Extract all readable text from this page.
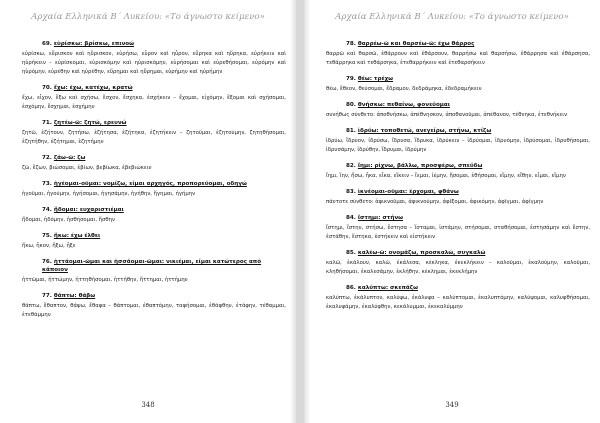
Αρχαία Ελληνικά Β΄ Λυκείου: «Το άγνωστο κείμενο»
69. εὑρίσκω: βρίσκω, επινοώ
εὑρίσκω, εὕρισκον καὶ ηὕρισκον, εὑρήσω, εὗρον καὶ ηὗρον, εὕρηκα καὶ ηὕρηκα, εὑρήκειν καὶ ηὑρήκειν – εὑρίσκομαι, εὑρισκόμην καὶ ηὑρισκόμην, εὑρήσομαι καὶ εὑρεθήσομαι, εὑρόμην καὶ ηὑρόμην, εὑρέθην καὶ ηὑρέθην, εὕρημαι καὶ ηὕρημαι, εὑρήμην καὶ ηὑρήμην
70. ἔχω: έχω, κατέχω, κρατώ
ἔχω, εἶχον, ἕξω καὶ σχήσω, ἔσχον, ἔσχηκα, ἐσχήκειν – ἔχομαι, εἰχόμην, ἕξομαι καὶ σχήσομαι, ἐσχόμην, ἔσχημαι, ἐσχήμην
71. ζητέω-ῶ: ζητώ, ερευνώ
ζητῶ, ἐζήτουν, ζητήσω, ἐζήτησα, ἐζήτηκα, ἐζητήκειν – ζητοῦμαι, ἐζητούμην, ζητηθήσομαι, ἐζητήθην, ἐζήτημαι, ἐζητήμην
72. ζάω-ῶ: ζω
ζῶ, ἔζων, βιώσομαι, ἐβίων, βεβίωκα, ἐβεβιώκειν
73. ἡγέομαι-οῦμαι: νομίζω, είμαι αρχηγός, προπορεύομαι, οδηγώ
ἡγοῦμαι, ἡγούμην, ἡγήσομαι, ἡγησάμην, ἡγήθην, ἥγημαι, ἡγήμην
74. ἥδομαι: ευχαριστιέμαι
ἥδομαι, ἡδόμην, ἡσθήσομαι, ἥσθην
75. ἥκω: έχω έλθει
ἥκω, ἧκον, ἥξω, ἧξε
76. ἡττάομαι-ῶμαι και ἡσσάομαι-ῶμαι: νικιέμαι, είμαι κατώτερος από κάποιον
ἡττῶμαι, ἡττώμην, ἡττηθήσομαι, ἡττήθην, ἥττημαι, ἡττήμην
77. θάπτω: θάβω
θάπτω, ἔθαπτον, θάψω, ἔθαψα – θάπτομαι, ἐθαπτόμην, ταφήσομαι, ἐθάφθην, ἐτάφην, τέθαμμαι, ἐτεθάμμην
348
Αρχαία Ελληνικά Β΄ Λυκείου: «Το άγνωστο κείμενο»
78. θαρρέω-ῶ και θαρσέω-ῶ: έχω θάρρος
θαρρῶ καὶ θαρσῶ, ἐθάρρουν καὶ ἐθάρσουν, θαρρήσω καὶ θαρσήσω, ἐθάρρησα καὶ ἐθάρσησα, τεθάρρηκα καὶ τεθάρσηκα, ἐτεθαρρήκειν καὶ ἐτεθαρσήκειν
79. θέω: τρέχω
θέω, ἔθεον, θεύσομαι, ἔδραμον, δεδράμηκα, ἐδεδραμήκειν
80. θνήσκω: πεθαίνω, φονεύομαι
συνήθως σύνθετο: ἀποθνήσκω, ἀπέθνησκον, ἀποθανοῦμαι, ἀπέθανον, τέθνηκα, ἐτεθνήκειν
81. ἱδρύω: τοποθετώ, ανεγείρω, στήνω, κτίζω
ἱδρύω, ἵδρυον, ἱδρύσω, ἵδρυσα, ἵδρυκα, ἱδρύκειν – ἱδρύομαι, ἱδρυόμην, ἱδρύσομαι, ἱδρυθήσομαι, ἱδρυσάμην, ἱδρύθην, ἵδρυμαι, ἱδρύμην
82. ἵημι: ρίχνω, βάλλω, προσφέρω, σπεύδω
ἵημι, ἵην, ἥσω, ἧκα, εἷκα, εἵκειν – ἵεμαι, ἱέμην, ἥσομαι, ἑθήσομαι, εἵμην, εἵθην, εἷμαι, εἵμην
83. ἱκνέομαι-οῦμαι: έρχομαι, φθάνω
πάντοτε σύνθετο: ἀφικνοῦμαι, ἀφικνούμην, ἀφίξομαι, ἀφικόμην, ἀφῖγμαι, ἀφίγμην
84. ἵστημι: στήνω
ἵστημι, ἵστην, στήσω, ἔστησα – ἵσταμαι, ἱστάμην, στήσομαι, σταθήσομαι, ἐστησάμην καὶ ἔστην, ἐστάθην, ἕστηκα, ἑστήκειν καὶ εἱστήκειν
85. καλέω-ῶ: ονομάζω, προσκαλώ, συγκαλώ
καλῶ, ἐκάλουν, καλῶ, ἐκάλεσα, κέκληκα, ἐκεκλήκειν – καλοῦμαι, ἐκαλούμην, καλοῦμαι, κληθήσομαι, ἐκαλεσάμην, ἐκλήθην, κέκλημαι, ἐκεκλήμην
86. καλύπτω: σκεπάζω
καλύπτω, ἐκάλυπτον, καλύψω, ἐκάλυψα – καλύπτομαι, ἐκαλυπτόμην, καλύψομαι, καλυφθήσομαι, ἐκαλυψάμην, ἐκαλύφθην, κεκάλυμμαι, ἐκεκαλύμμην
349
